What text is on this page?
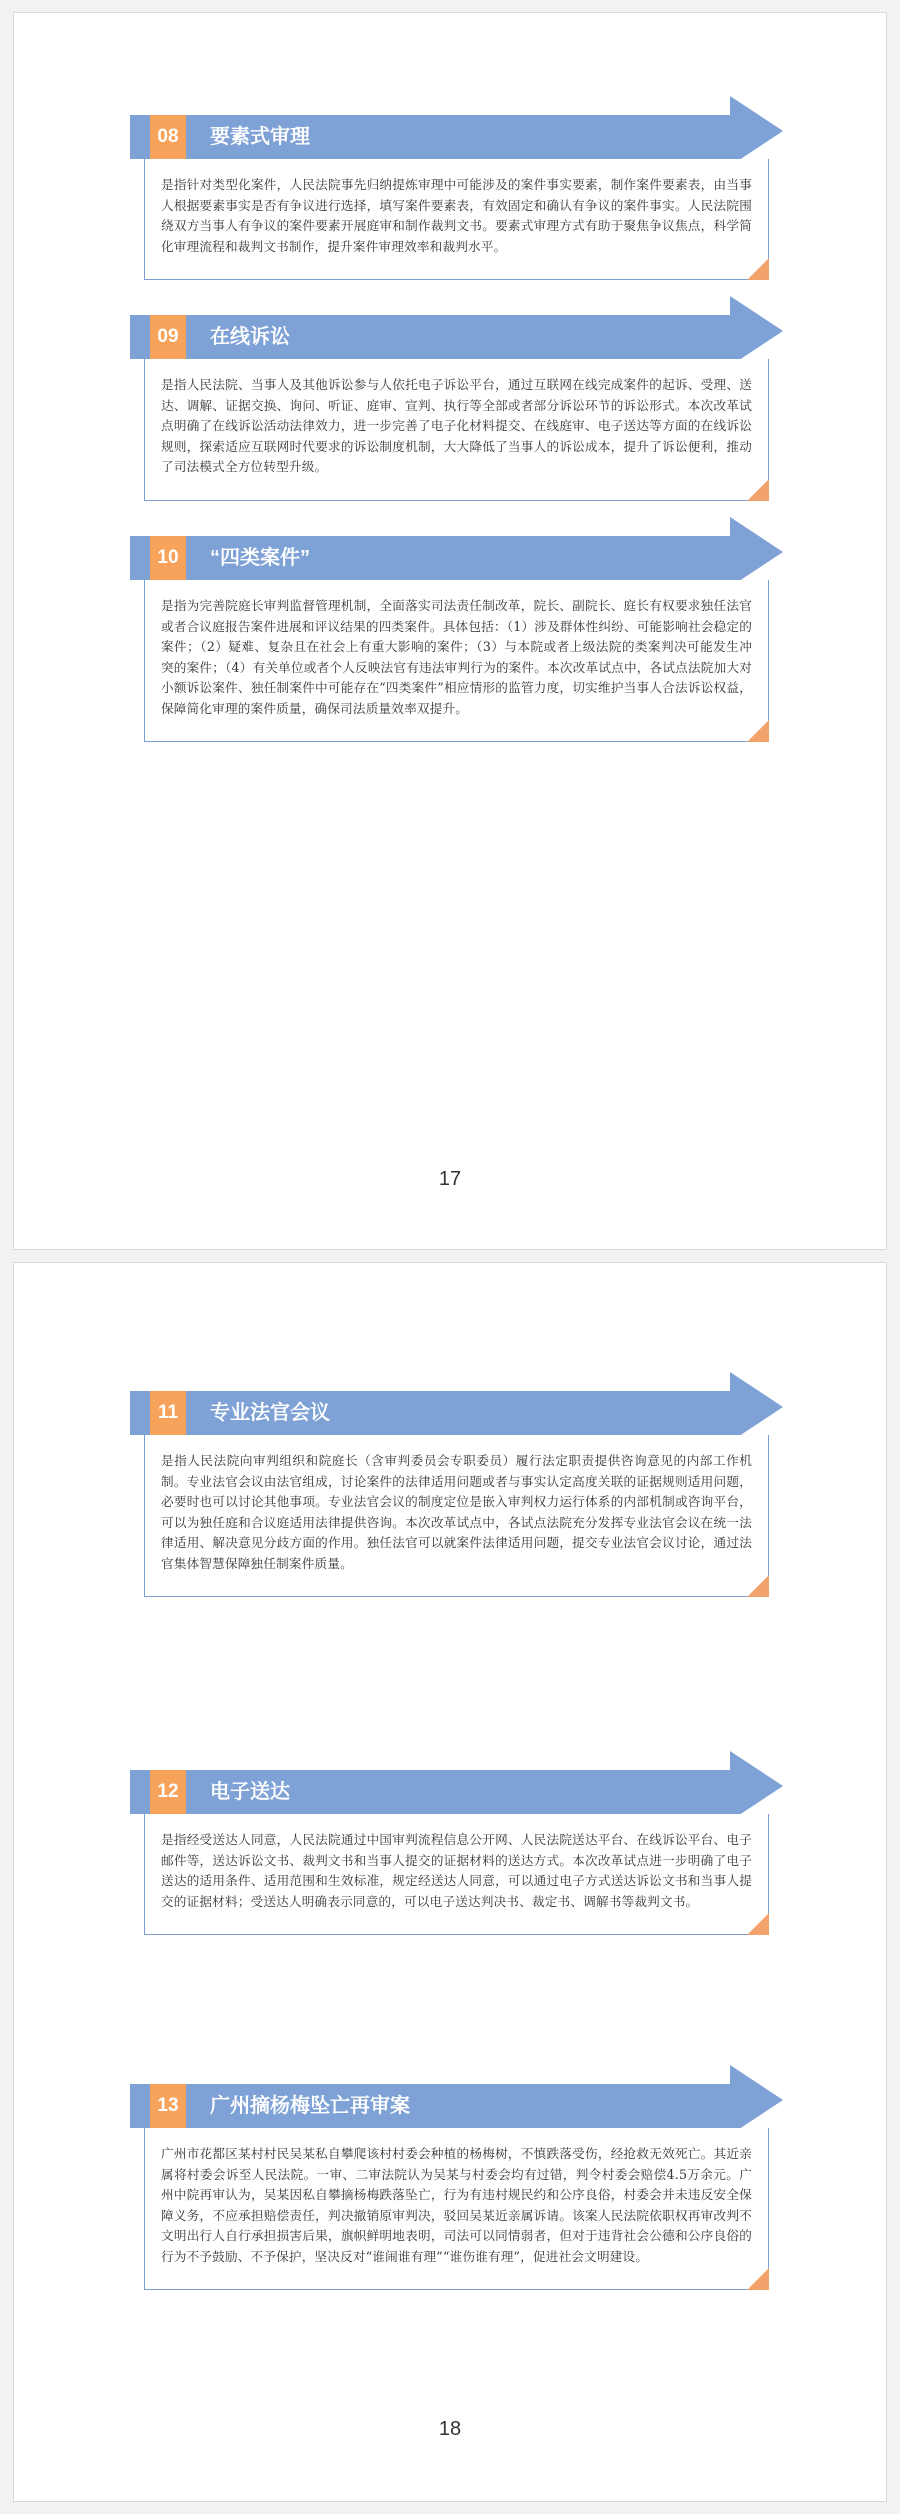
08	要素式审理
是指针对类型化案件，人民法院事先归纳提炼审理中可能涉及的案件事实要素，制作案件要素表，由当事人根据要素事实是否有争议进行选择，填写案件要素表，有效固定和确认有争议的案件事实。人民法院围绕双方当事人有争议的案件要素开展庭审和制作裁判文书。要素式审理方式有助于聚焦争议焦点，科学简化审理流程和裁判文书制作，提升案件审理效率和裁判水平。
09	在线诉讼
是指人民法院、当事人及其他诉讼参与人依托电子诉讼平台，通过互联网在线完成案件的起诉、受理、送达、调解、证据交换、询问、听证、庭审、宣判、执行等全部或者部分诉讼环节的诉讼形式。本次改革试点明确了在线诉讼活动法律效力，进一步完善了电子化材料提交、在线庭审、电子送达等方面的在线诉讼规则，探索适应互联网时代要求的诉讼制度机制，大大降低了当事人的诉讼成本，提升了诉讼便利，推动了司法模式全方位转型升级。
10	“四类案件”
是指为完善院庭长审判监督管理机制，全面落实司法责任制改革，院长、副院长、庭长有权要求独任法官或者合议庭报告案件进展和评议结果的四类案件。具体包括：（1）涉及群体性纠纷、可能影响社会稳定的案件；（2）疑难、复杂且在社会上有重大影响的案件；（3）与本院或者上级法院的类案判决可能发生冲突的案件；（4）有关单位或者个人反映法官有违法审判行为的案件。本次改革试点中，各试点法院加大对小额诉讼案件、独任制案件中可能存在“四类案件”相应情形的监管力度，切实维护当事人合法诉讼权益，保障简化审理的案件质量，确保司法质量效率双提升。
17
11	专业法官会议
是指人民法院向审判组织和院庭长（含审判委员会专职委员）履行法定职责提供咨询意见的内部工作机制。专业法官会议由法官组成，讨论案件的法律适用问题或者与事实认定高度关联的证据规则适用问题，必要时也可以讨论其他事项。专业法官会议的制度定位是嵌入审判权力运行体系的内部机制或咨询平台，可以为独任庭和合议庭适用法律提供咨询。本次改革试点中，各试点法院充分发挥专业法官会议在统一法律适用、解决意见分歧方面的作用。独任法官可以就案件法律适用问题，提交专业法官会议讨论，通过法官集体智慧保障独任制案件质量。
12	电子送达
是指经受送达人同意，人民法院通过中国审判流程信息公开网、人民法院送达平台、在线诉讼平台、电子邮件等，送达诉讼文书、裁判文书和当事人提交的证据材料的送达方式。本次改革试点进一步明确了电子送达的适用条件、适用范围和生效标准，规定经送达人同意，可以通过电子方式送达诉讼文书和当事人提交的证据材料；受送达人明确表示同意的，可以电子送达判决书、裁定书、调解书等裁判文书。
13	广州摘杨梅坠亡再审案
广州市花都区某村村民吴某私自攀爬该村村委会种植的杨梅树，不慎跌落受伤，经抢救无效死亡。其近亲属将村委会诉至人民法院。一审、二审法院认为吴某与村委会均有过错，判令村委会赔偿4.5万余元。广州中院再审认为，吴某因私自攀摘杨梅跌落坠亡，行为有违村规民约和公序良俗，村委会并未违反安全保障义务，不应承担赔偿责任，判决撤销原审判决，驳回吴某近亲属诉请。该案人民法院依职权再审改判不文明出行人自行承担损害后果，旗帜鲜明地表明，司法可以同情弱者，但对于违背社会公德和公序良俗的行为不予鼓励、不予保护，坚决反对“谁闹谁有理”“谁伤谁有理”，促进社会文明建设。
18
